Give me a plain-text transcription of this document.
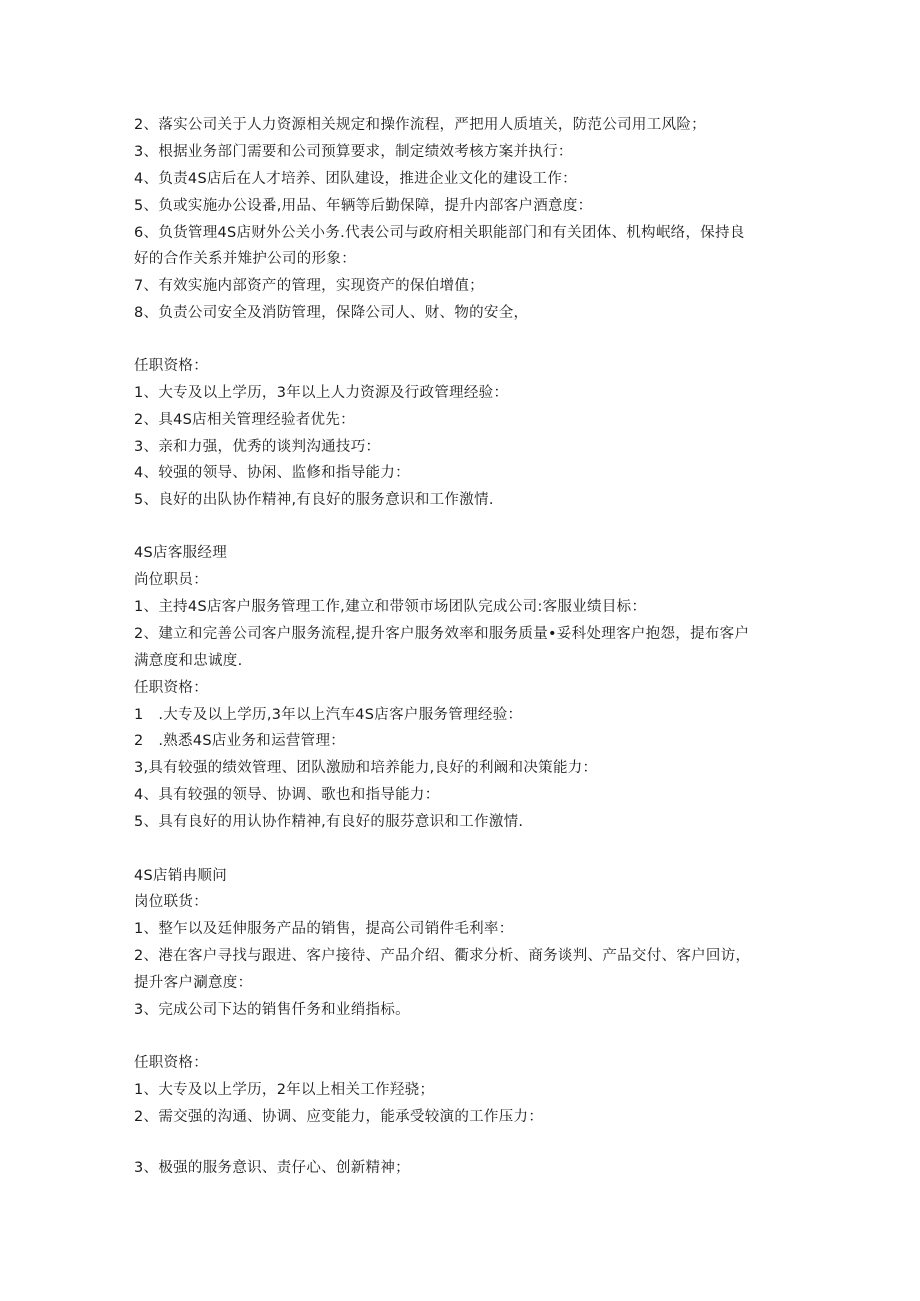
2、落实公司关于人力资源相关规定和操作流程，严把用人质埴关，防范公司用工风险；
3、根据业务部门需要和公司预算要求，制定绩效考核方案并执行：
4、负责4S店后在人才培养、团队建设，推进企业文化的建设工作：
5、负或实施办公设番,用品、年辆等后勤保障，提升内部客户酒意度：
6、负货管理4S店财外公关小务.代表公司与政府相关职能部门和有关团体、机构岷络，保持良
好的合作关系并雉护公司的形象：
7、有效实施内部资产的管理，实现资产的保伯增值；
8、负责公司安全及消防管理，保降公司人、财、物的安全，
任职资格：
1、大专及以上学历，3年以上人力资源及行政管理经验：
2、具4S店相关管理经验者优先：
3、亲和力强，优秀的谈判沟通技巧：
4、较强的领导、协闲、监修和指导能力：
5、良好的出队协作精神,有良好的服务意识和工作激情.
4S店客服经理
尚位职员：
1、主持4S店客户服务管理工作,建立和带领市场团队完成公司:客服业绩目标：
2、建立和完善公司客户服务流程,提升客户服务效率和服务质量•妥科处理客户抱怨，提布客户
满意度和忠诚度.
任职资格：
1　.大专及以上学历,3年以上汽车4S店客户服务管理经验：
2　.熟悉4S店业务和运营管理：
3,具有较强的绩效管理、团队激励和培养能力,良好的利阚和决策能力：
4、具有较强的领导、协调、歌也和指导能力：
5、具有良好的用认协作精神,有良好的服芬意识和工作激情.
4S店销冉顺问
岗位联货：
1、整乍以及廷伸服务产品的销售，提高公司销件毛利率：
2、港在客户寻找与跟进、客户接待、产品介绍、衢求分析、商务谈判、产品交付、客户回访，
提升客户涮意度：
3、完成公司下达的销售仟务和业绡指标。
任职资格：
1、大专及以上学历，2年以上相关工作羟骁；
2、需交强的沟通、协调、应变能力，能承受较演的工作压力：
3、极强的服务意识、责仔心、创新精神；
